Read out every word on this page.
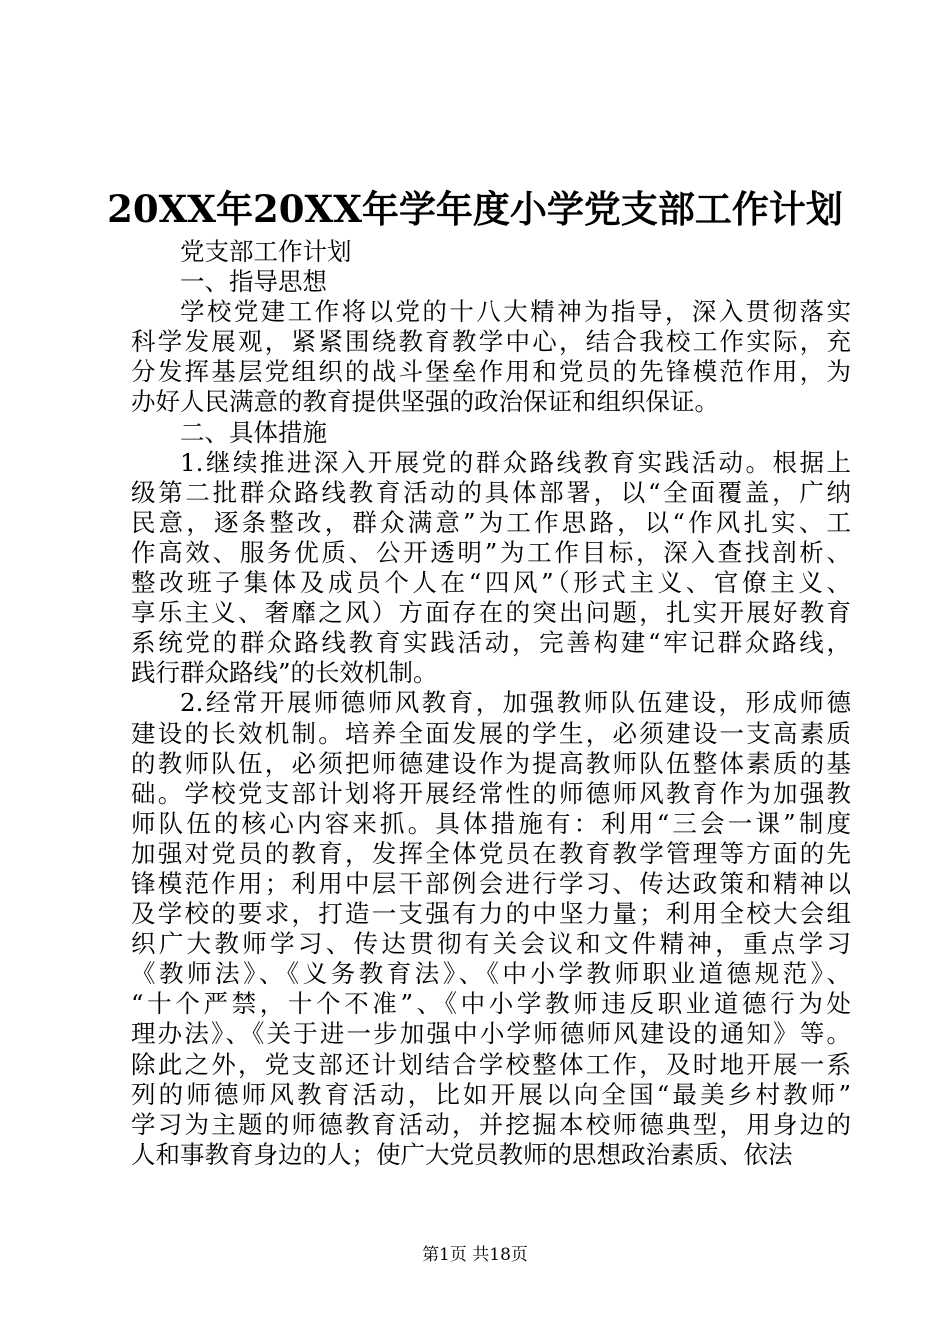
20XX年20XX年学年度小学党支部工作计划
党支部工作计划
一、指导思想
学校党建工作将以党的十八大精神为指导，深入贯彻落实
科学发展观，紧紧围绕教育教学中心，结合我校工作实际，充
分发挥基层党组织的战斗堡垒作用和党员的先锋模范作用，为
办好人民满意的教育提供坚强的政治保证和组织保证。
二、具体措施
1.继续推进深入开展党的群众路线教育实践活动。根据上
级第二批群众路线教育活动的具体部署，以“全面覆盖，广纳
民意，逐条整改，群众满意”为工作思路，以“作风扎实、工
作高效、服务优质、公开透明”为工作目标，深入查找剖析、
整改班子集体及成员个人在“四风”（形式主义、官僚主义、
享乐主义、奢靡之风）方面存在的突出问题，扎实开展好教育
系统党的群众路线教育实践活动，完善构建“牢记群众路线，
践行群众路线”的长效机制。
2.经常开展师德师风教育，加强教师队伍建设，形成师德
建设的长效机制。培养全面发展的学生，必须建设一支高素质
的教师队伍，必须把师德建设作为提高教师队伍整体素质的基
础。学校党支部计划将开展经常性的师德师风教育作为加强教
师队伍的核心内容来抓。具体措施有：利用“三会一课”制度
加强对党员的教育，发挥全体党员在教育教学管理等方面的先
锋模范作用；利用中层干部例会进行学习、传达政策和精神以
及学校的要求，打造一支强有力的中坚力量；利用全校大会组
织广大教师学习、传达贯彻有关会议和文件精神，重点学习
《教师法》、《义务教育法》、《中小学教师职业道德规范》、
“十个严禁，十个不准”、《中小学教师违反职业道德行为处
理办法》、《关于进一步加强中小学师德师风建设的通知》等。
除此之外，党支部还计划结合学校整体工作，及时地开展一系
列的师德师风教育活动，比如开展以向全国“最美乡村教师”
学习为主题的师德教育活动，并挖掘本校师德典型，用身边的
人和事教育身边的人；使广大党员教师的思想政治素质、依法
第1页 共18页
